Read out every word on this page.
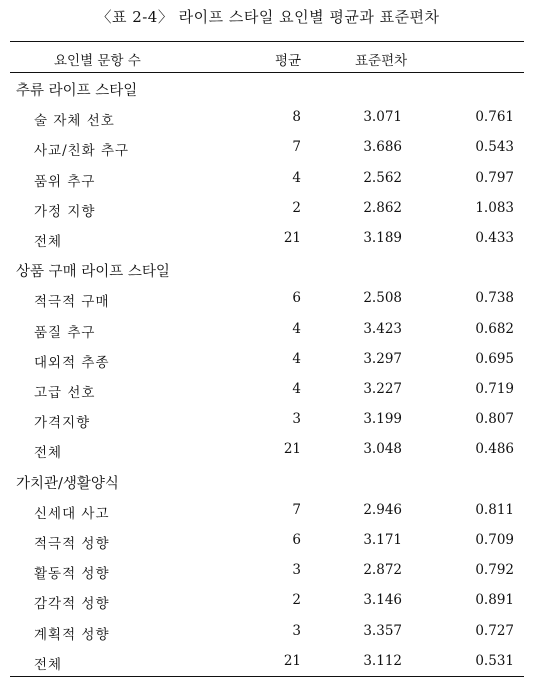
〈표 2-4〉 라이프 스타일 요인별 평균과 표준편차
요인별 문항 수	평균	표준편차
추류 라이프 스타일
술 자체 선호	8	3.071	0.761
사교/친화 추구	7	3.686	0.543
품위 추구	4	2.562	0.797
가정 지향	2	2.862	1.083
전체	21	3.189	0.433
상품 구매 라이프 스타일
적극적 구매	6	2.508	0.738
품질 추구	4	3.423	0.682
대외적 추종	4	3.297	0.695
고급 선호	4	3.227	0.719
가격지향	3	3.199	0.807
전체	21	3.048	0.486
가치관/생활양식
신세대 사고	7	2.946	0.811
적극적 성향	6	3.171	0.709
활동적 성향	3	2.872	0.792
감각적 성향	2	3.146	0.891
계획적 성향	3	3.357	0.727
전체	21	3.112	0.531
